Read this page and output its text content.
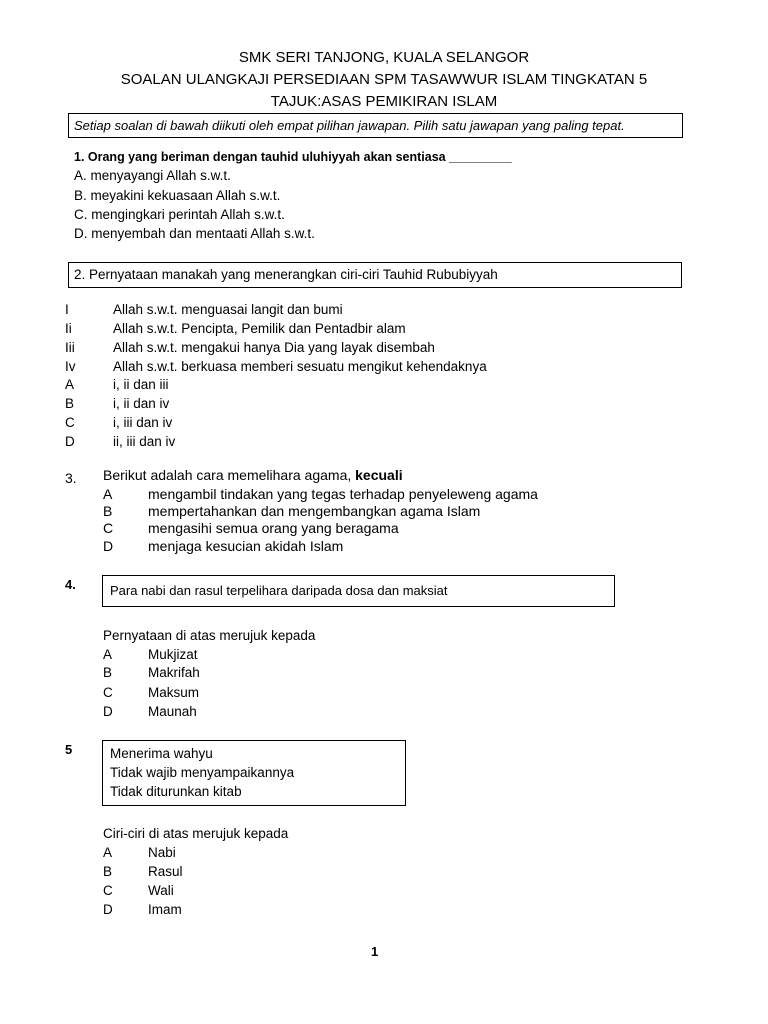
SMK SERI TANJONG, KUALA SELANGOR
SOALAN ULANGKAJI PERSEDIAAN SPM TASAWWUR ISLAM TINGKATAN 5
TAJUK:ASAS PEMIKIRAN ISLAM
Setiap soalan di bawah diikuti oleh empat pilihan jawapan. Pilih satu jawapan yang paling tepat.
1. Orang yang beriman dengan tauhid uluhiyyah akan sentiasa _________
A. menyayangi Allah s.w.t.
B. meyakini kekuasaan Allah s.w.t.
C. mengingkari perintah Allah s.w.t.
D. menyembah dan mentaati Allah s.w.t.
2. Pernyataan manakah yang menerangkan ciri-ciri Tauhid Rububiyyah
I	Allah s.w.t. menguasai langit dan bumi
Ii	Allah s.w.t. Pencipta, Pemilik dan Pentadbir alam
Iii	Allah s.w.t. mengakui hanya Dia yang layak disembah
Iv	Allah s.w.t. berkuasa memberi sesuatu mengikut kehendaknya
A	i, ii dan iii
B	i, ii dan iv
C	i, iii dan iv
D	ii, iii dan iv
3. Berikut adalah cara memelihara agama, kecuali
A	mengambil tindakan yang tegas terhadap penyeleweng agama
B	mempertahankan dan mengembangkan agama Islam
C mengasihi semua orang yang beragama
D menjaga kesucian akidah Islam
4.	Para nabi dan rasul terpelihara daripada dosa dan maksiat
Pernyataan di atas merujuk kepada
A	Mukjizat
B	Makrifah
C	Maksum
D	Maunah
5	Menerima wahyu
Tidak wajib menyampaikannya
Tidak diturunkan kitab
Ciri-ciri di atas merujuk kepada
A	Nabi
B	Rasul
C	Wali
D	Imam
1
